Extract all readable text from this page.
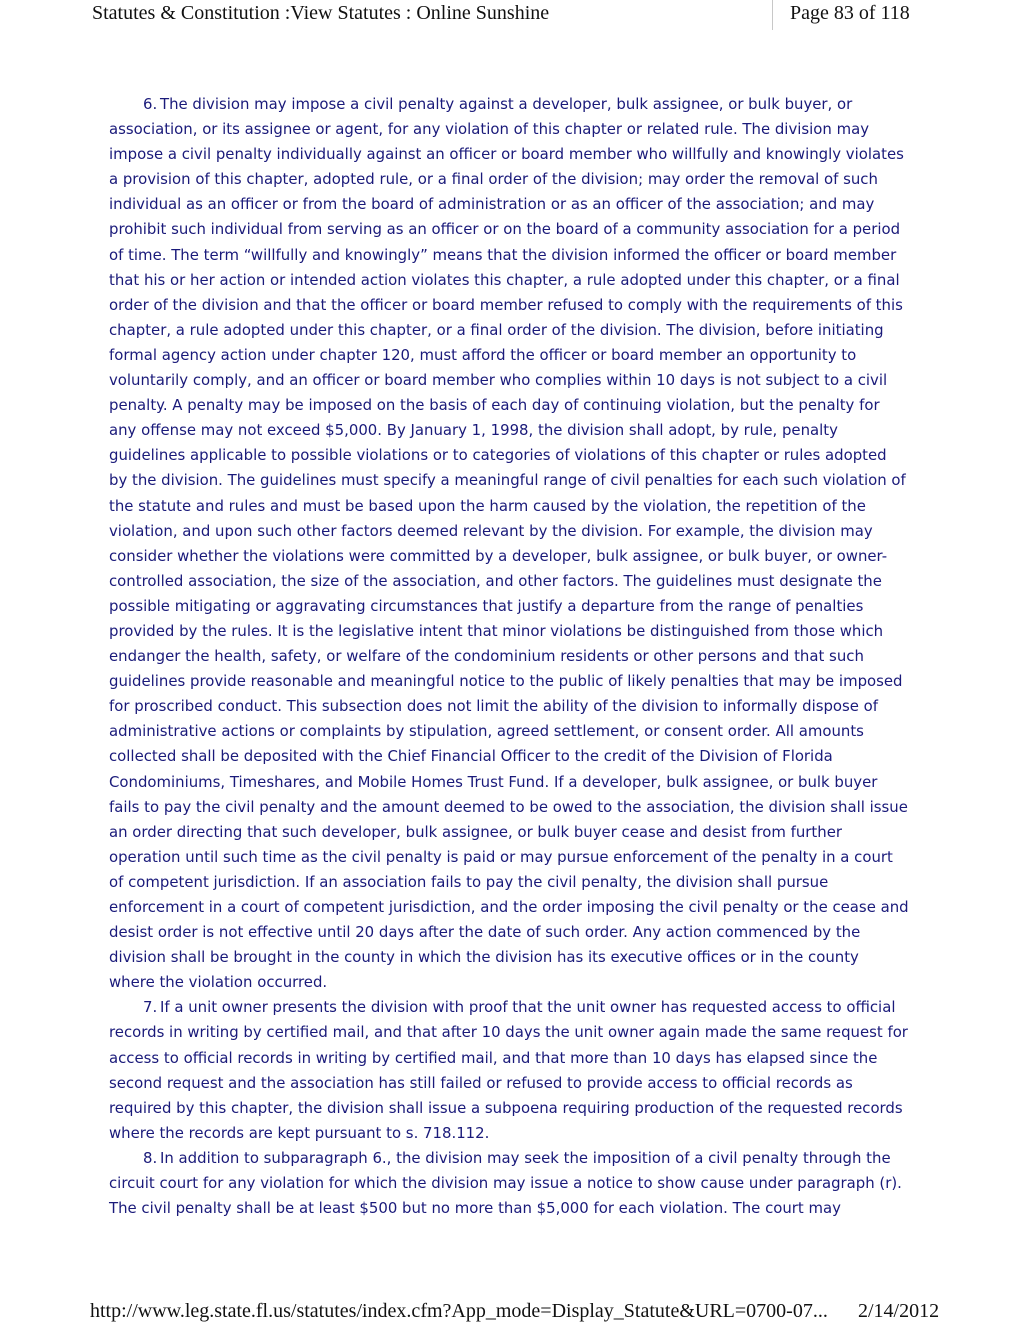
Statutes & Constitution :View Statutes : Online Sunshine	Page 83 of 118

6. The division may impose a civil penalty against a developer, bulk assignee, or bulk buyer, or association, or its assignee or agent, for any violation of this chapter or related rule. The division may impose a civil penalty individually against an officer or board member who willfully and knowingly violates a provision of this chapter, adopted rule, or a final order of the division; may order the removal of such individual as an officer or from the board of administration or as an officer of the association; and may prohibit such individual from serving as an officer or on the board of a community association for a period of time. The term “willfully and knowingly” means that the division informed the officer or board member that his or her action or intended action violates this chapter, a rule adopted under this chapter, or a final order of the division and that the officer or board member refused to comply with the requirements of this chapter, a rule adopted under this chapter, or a final order of the division. The division, before initiating formal agency action under chapter 120, must afford the officer or board member an opportunity to voluntarily comply, and an officer or board member who complies within 10 days is not subject to a civil penalty. A penalty may be imposed on the basis of each day of continuing violation, but the penalty for any offense may not exceed $5,000. By January 1, 1998, the division shall adopt, by rule, penalty guidelines applicable to possible violations or to categories of violations of this chapter or rules adopted by the division. The guidelines must specify a meaningful range of civil penalties for each such violation of the statute and rules and must be based upon the harm caused by the violation, the repetition of the violation, and upon such other factors deemed relevant by the division. For example, the division may consider whether the violations were committed by a developer, bulk assignee, or bulk buyer, or owner-controlled association, the size of the association, and other factors. The guidelines must designate the possible mitigating or aggravating circumstances that justify a departure from the range of penalties provided by the rules. It is the legislative intent that minor violations be distinguished from those which endanger the health, safety, or welfare of the condominium residents or other persons and that such guidelines provide reasonable and meaningful notice to the public of likely penalties that may be imposed for proscribed conduct. This subsection does not limit the ability of the division to informally dispose of administrative actions or complaints by stipulation, agreed settlement, or consent order. All amounts collected shall be deposited with the Chief Financial Officer to the credit of the Division of Florida Condominiums, Timeshares, and Mobile Homes Trust Fund. If a developer, bulk assignee, or bulk buyer fails to pay the civil penalty and the amount deemed to be owed to the association, the division shall issue an order directing that such developer, bulk assignee, or bulk buyer cease and desist from further operation until such time as the civil penalty is paid or may pursue enforcement of the penalty in a court of competent jurisdiction. If an association fails to pay the civil penalty, the division shall pursue enforcement in a court of competent jurisdiction, and the order imposing the civil penalty or the cease and desist order is not effective until 20 days after the date of such order. Any action commenced by the division shall be brought in the county in which the division has its executive offices or in the county where the violation occurred.

7. If a unit owner presents the division with proof that the unit owner has requested access to official records in writing by certified mail, and that after 10 days the unit owner again made the same request for access to official records in writing by certified mail, and that more than 10 days has elapsed since the second request and the association has still failed or refused to provide access to official records as required by this chapter, the division shall issue a subpoena requiring production of the requested records where the records are kept pursuant to s. 718.112.

8. In addition to subparagraph 6., the division may seek the imposition of a civil penalty through the circuit court for any violation for which the division may issue a notice to show cause under paragraph (r). The civil penalty shall be at least $500 but no more than $5,000 for each violation. The court may

http://www.leg.state.fl.us/statutes/index.cfm?App_mode=Display_Statute&URL=0700-07... 2/14/2012
